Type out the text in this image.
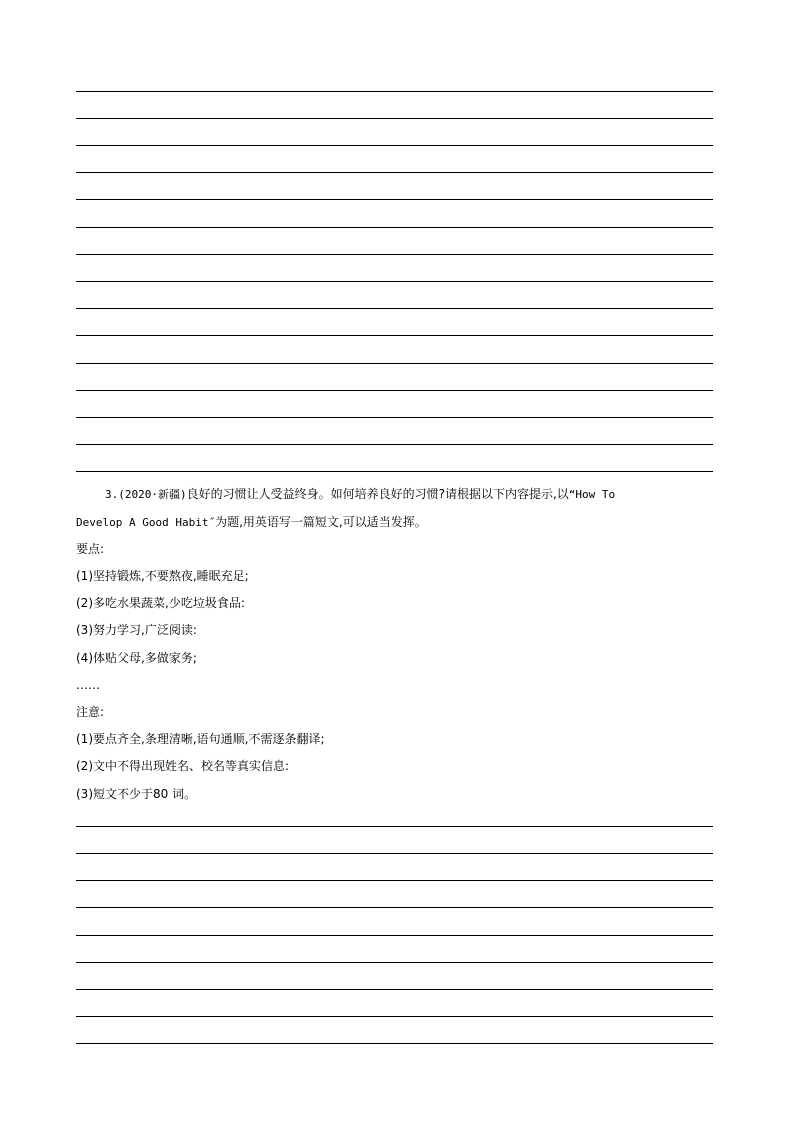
3.(2020·新疆)良好的习惯让人受益终身。如何培养良好的习惯?请根据以下内容提示,以“How To
Develop A Good Habit˝为题,用英语写一篇短文,可以适当发挥。
要点:
(1)坚持锻炼,不要熬夜,睡眠充足;
(2)多吃水果蔬菜,少吃垃圾食品:
(3)努力学习,广泛阅读:
(4)体贴父母,多做家务;
……
注意:
(1)要点齐全,条理清晰,语句通顺,不需逐条翻译;
(2)文中不得出现姓名、校名等真实信息:
(3)短文不少于80 词。
